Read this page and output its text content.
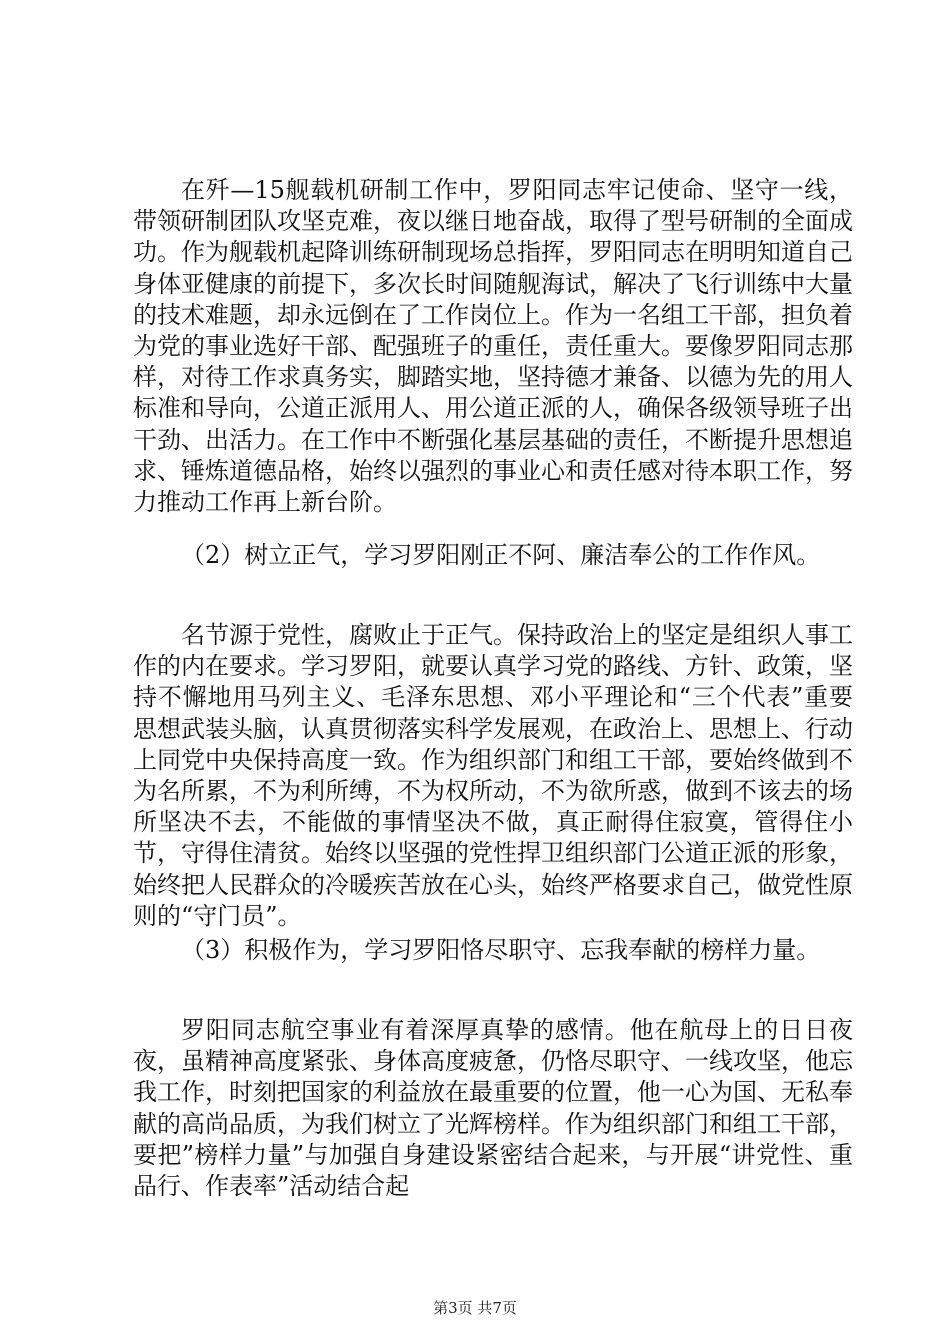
在歼—15舰载机研制工作中，罗阳同志牢记使命、坚守一线，带领研制团队攻坚克难，夜以继日地奋战，取得了型号研制的全面成功。作为舰载机起降训练研制现场总指挥，罗阳同志在明明知道自己身体亚健康的前提下，多次长时间随舰海试，解决了飞行训练中大量的技术难题，却永远倒在了工作岗位上。作为一名组工干部，担负着为党的事业选好干部、配强班子的重任，责任重大。要像罗阳同志那样，对待工作求真务实，脚踏实地，坚持德才兼备、以德为先的用人标准和导向，公道正派用人、用公道正派的人，确保各级领导班子出干劲、出活力。在工作中不断强化基层基础的责任，不断提升思想追求、锤炼道德品格，始终以强烈的事业心和责任感对待本职工作，努力推动工作再上新台阶。

（2）树立正气，学习罗阳刚正不阿、廉洁奉公的工作作风。

名节源于党性，腐败止于正气。保持政治上的坚定是组织人事工作的内在要求。学习罗阳，就要认真学习党的路线、方针、政策，坚持不懈地用马列主义、毛泽东思想、邓小平理论和“三个代表”重要思想武装头脑，认真贯彻落实科学发展观，在政治上、思想上、行动上同党中央保持高度一致。作为组织部门和组工干部，要始终做到不为名所累，不为利所缚，不为权所动，不为欲所惑，做到不该去的场所坚决不去，不能做的事情坚决不做，真正耐得住寂寞，管得住小节，守得住清贫。始终以坚强的党性捍卫组织部门公道正派的形象，始终把人民群众的冷暖疾苦放在心头，始终严格要求自己，做党性原则的“守门员”。

（3）积极作为，学习罗阳恪尽职守、忘我奉献的榜样力量。

罗阳同志航空事业有着深厚真挚的感情。他在航母上的日日夜夜，虽精神高度紧张、身体高度疲惫，仍恪尽职守、一线攻坚，他忘我工作，时刻把国家的利益放在最重要的位置，他一心为国、无私奉献的高尚品质，为我们树立了光辉榜样。作为组织部门和组工干部，要把”榜样力量”与加强自身建设紧密结合起来，与开展“讲党性、重品行、作表率”活动结合起

第3页 共7页
